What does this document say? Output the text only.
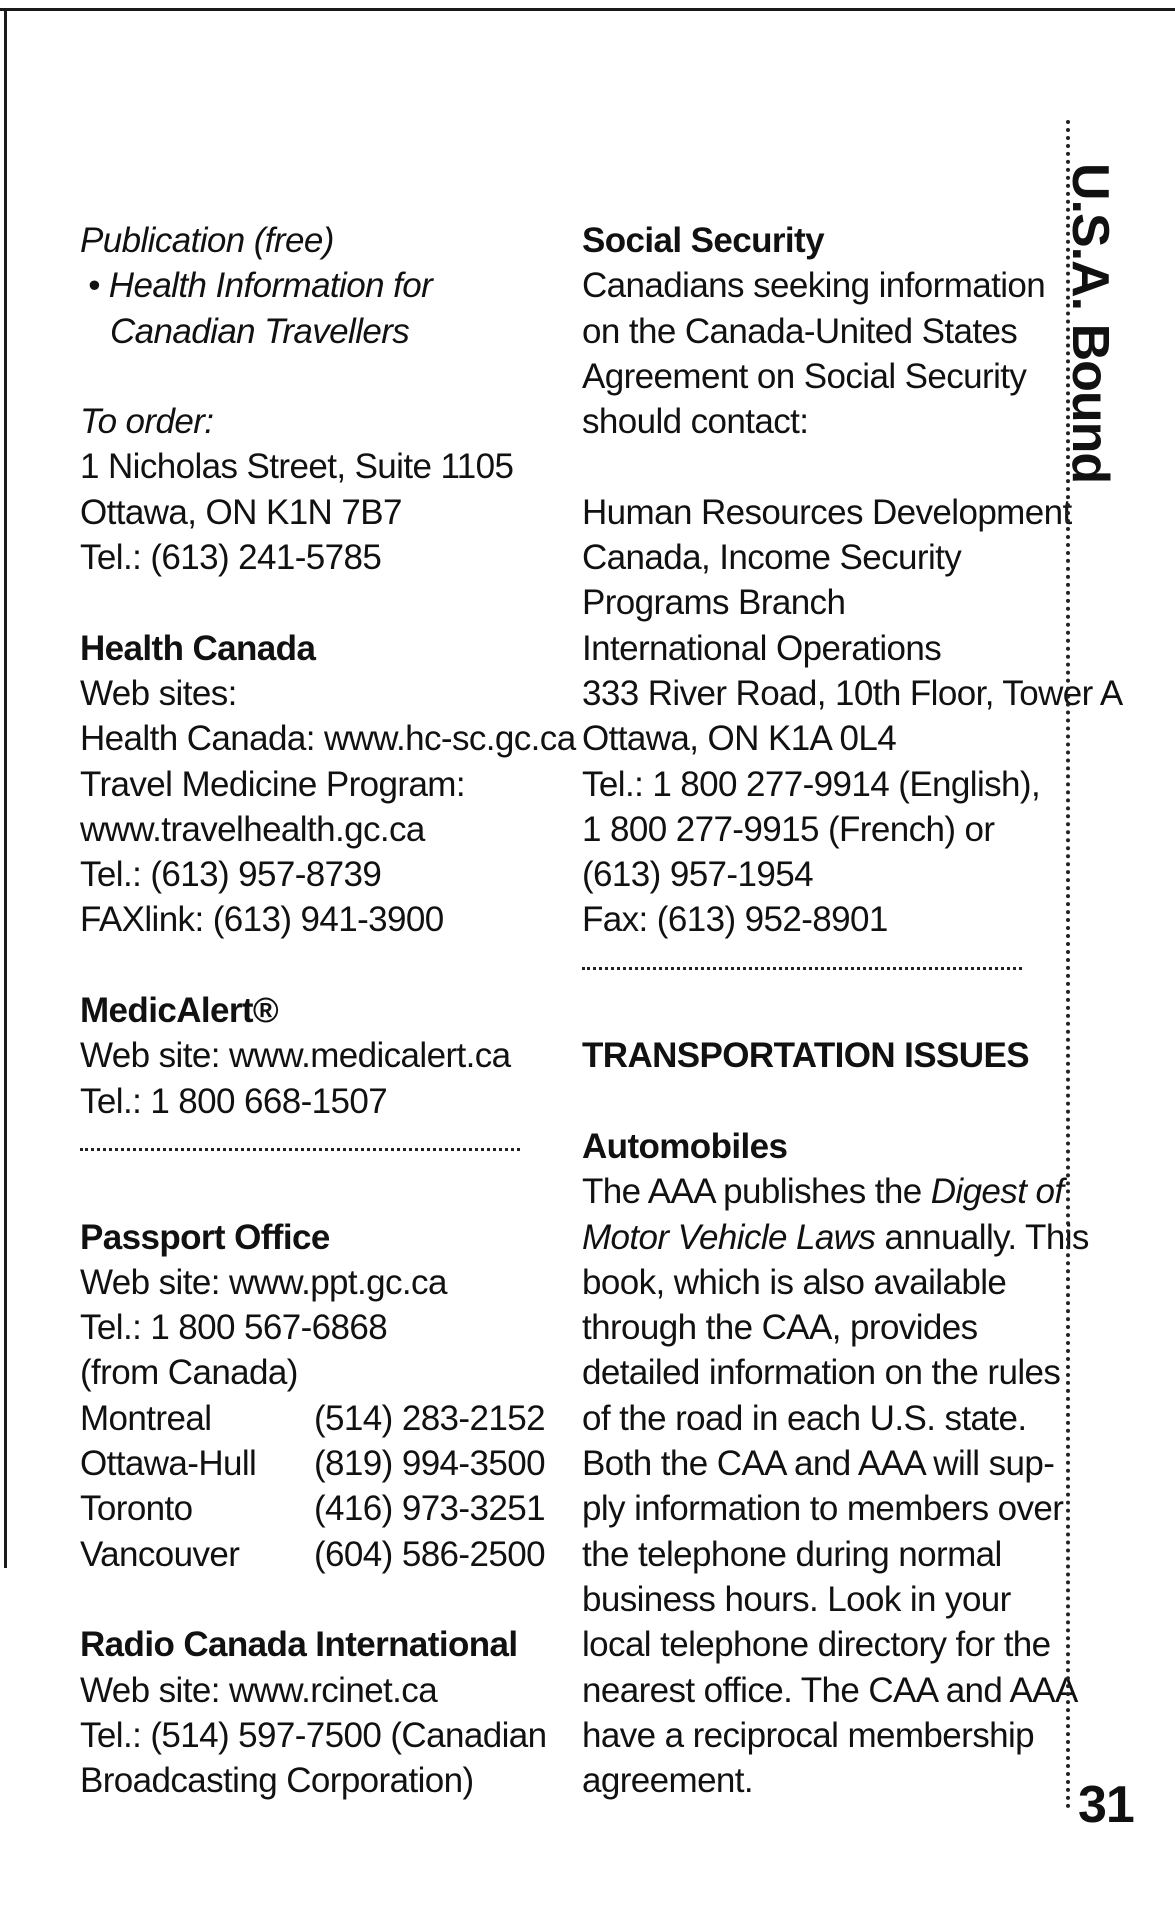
Publication (free)
• Health Information for
Canadian Travellers
To order:
1 Nicholas Street, Suite 1105
Ottawa, ON K1N 7B7
Tel.: (613) 241-5785
Health Canada
Web sites:
Health Canada: www.hc-sc.gc.ca
Travel Medicine Program:
www.travelhealth.gc.ca
Tel.: (613) 957-8739
FAXlink: (613) 941-3900
MedicAlert®
Web site: www.medicalert.ca
Tel.: 1 800 668-1507
Passport Office
Web site: www.ppt.gc.ca
Tel.: 1 800 567-6868
(from Canada)
Montreal	(514) 283-2152
Ottawa-Hull	(819) 994-3500
Toronto	(416) 973-3251
Vancouver	(604) 586-2500
Radio Canada International
Web site: www.rcinet.ca
Tel.: (514) 597-7500 (Canadian
Broadcasting Corporation)
Social Security
Canadians seeking information
on the Canada-United States
Agreement on Social Security
should contact:
Human Resources Development
Canada, Income Security
Programs Branch
International Operations
333 River Road, 10th Floor, Tower A
Ottawa, ON K1A 0L4
Tel.: 1 800 277-9914 (English),
1 800 277-9915 (French) or
(613) 957-1954
Fax: (613) 952-8901
TRANSPORTATION ISSUES
Automobiles
The AAA publishes the Digest of
Motor Vehicle Laws annually. This
book, which is also available
through the CAA, provides
detailed information on the rules
of the road in each U.S. state.
Both the CAA and AAA will sup-
ply information to members over
the telephone during normal
business hours. Look in your
local telephone directory for the
nearest office. The CAA and AAA
have a reciprocal membership
agreement.
U.S.A. Bound
31
